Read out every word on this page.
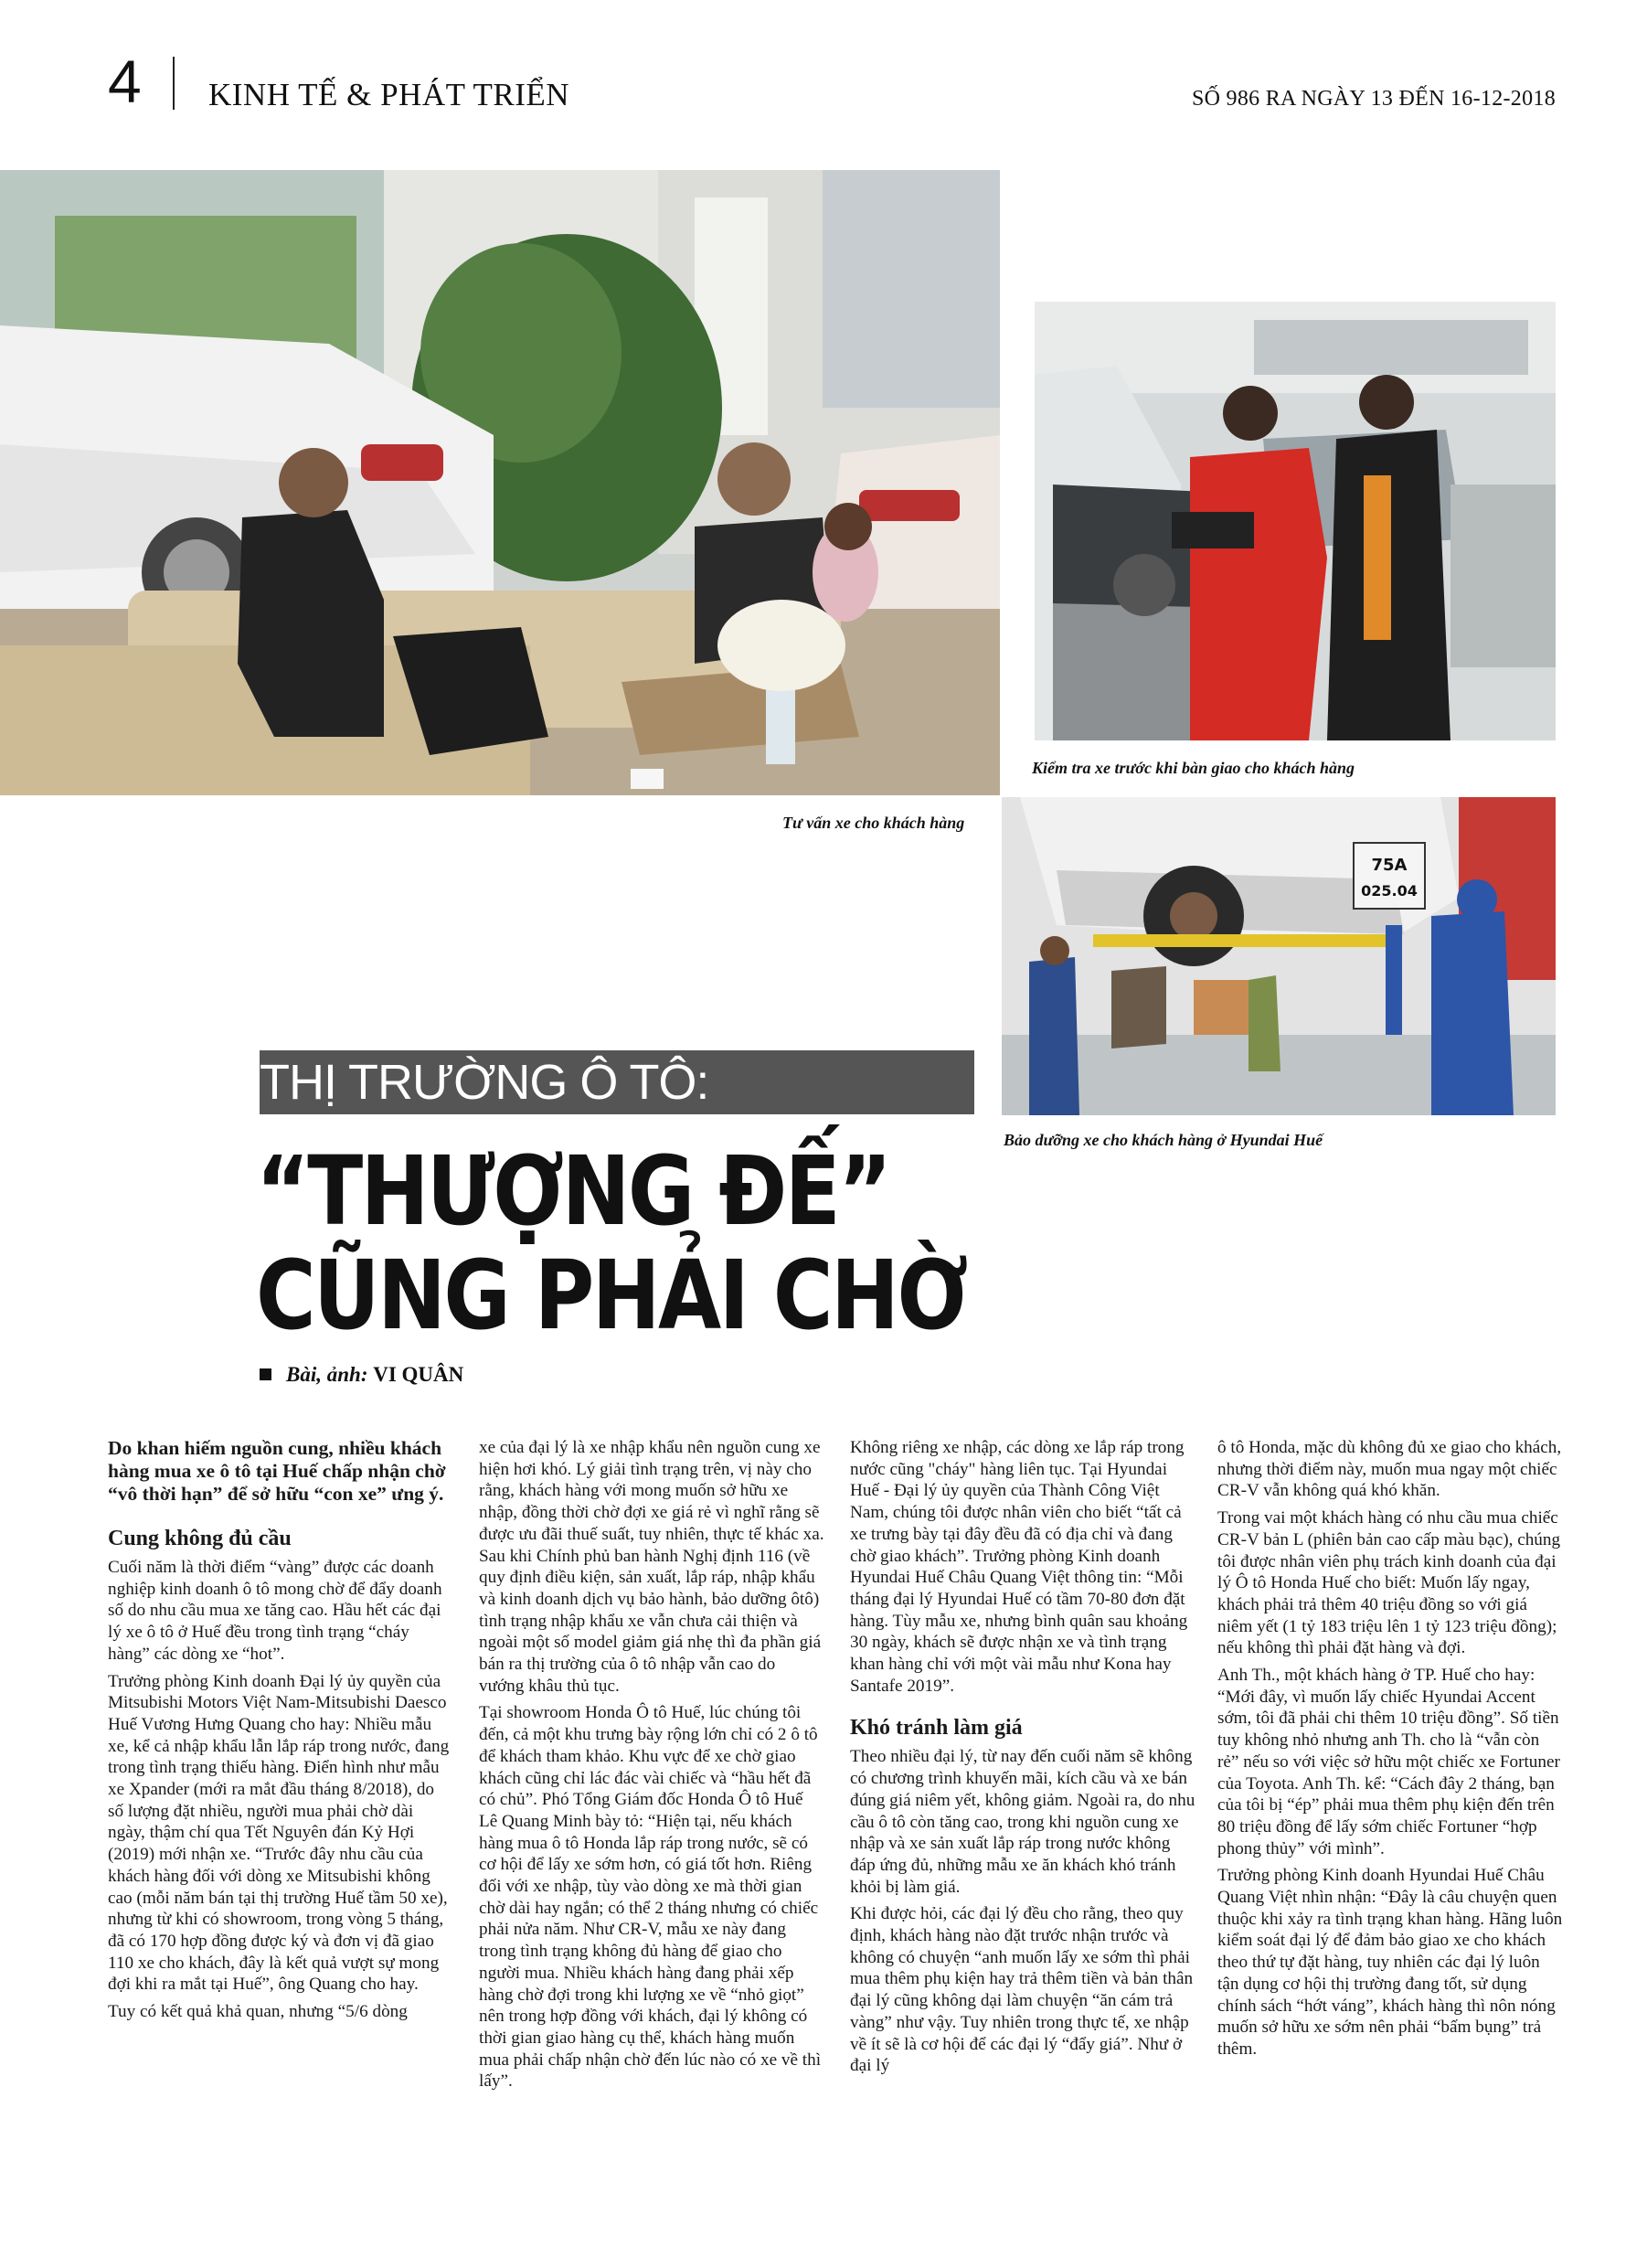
4 KINH TẾ & PHÁT TRIỂN	SỐ 986 RA NGÀY 13 ĐẾN 16-12-2018
Tư vấn xe cho khách hàng
Kiểm tra xe trước khi bàn giao cho khách hàng
75A
025.04
Bảo dưỡng xe cho khách hàng ở Hyundai Huế
THỊ TRƯỜNG Ô TÔ:
“THƯỢNG ĐẾ”
CŨNG PHẢI CHỜ
Bài, ảnh: VI QUÂN

Do khan hiếm nguồn cung, nhiều khách hàng mua xe ô tô tại Huế chấp nhận chờ “vô thời hạn” để sở hữu “con xe” ưng ý.

Cung không đủ cầu

Cuối năm là thời điểm “vàng” được các doanh nghiệp kinh doanh ô tô mong chờ để đẩy doanh số do nhu cầu mua xe tăng cao. Hầu hết các đại lý xe ô tô ở Huế đều trong tình trạng “cháy hàng” các dòng xe “hot”.

Trưởng phòng Kinh doanh Đại lý ủy quyền của Mitsubishi Motors Việt Nam-Mitsubishi Daesco Huế Vương Hưng Quang cho hay: Nhiều mẫu xe, kể cả nhập khẩu lẫn lắp ráp trong nước, đang trong tình trạng thiếu hàng. Điển hình như mẫu xe Xpander (mới ra mắt đầu tháng 8/2018), do số lượng đặt nhiều, người mua phải chờ dài ngày, thậm chí qua Tết Nguyên đán Kỷ Hợi (2019) mới nhận xe. “Trước đây nhu cầu của khách hàng đối với dòng xe Mitsubishi không cao (mỗi năm bán tại thị trường Huế tầm 50 xe), nhưng từ khi có showroom, trong vòng 5 tháng, đã có 170 hợp đồng được ký và đơn vị đã giao 110 xe cho khách, đây là kết quả vượt sự mong đợi khi ra mắt tại Huế”, ông Quang cho hay.

Tuy có kết quả khả quan, nhưng “5/6 dòng

xe của đại lý là xe nhập khẩu nên nguồn cung xe hiện hơi khó. Lý giải tình trạng trên, vị này cho rằng, khách hàng với mong muốn sở hữu xe nhập, đồng thời chờ đợi xe giá rẻ vì nghĩ rằng sẽ được ưu đãi thuế suất, tuy nhiên, thực tế khác xa. Sau khi Chính phủ ban hành Nghị định 116 (về quy định điều kiện, sản xuất, lắp ráp, nhập khẩu và kinh doanh dịch vụ bảo hành, bảo dưỡng ôtô) tình trạng nhập khẩu xe vẫn chưa cải thiện và ngoài một số model giảm giá nhẹ thì đa phần giá bán ra thị trường của ô tô nhập vẫn cao do vướng khâu thủ tục.

Tại showroom Honda Ô tô Huế, lúc chúng tôi đến, cả một khu trưng bày rộng lớn chỉ có 2 ô tô để khách tham khảo. Khu vực để xe chờ giao khách cũng chỉ lác đác vài chiếc và “hầu hết đã có chủ”. Phó Tổng Giám đốc Honda Ô tô Huế Lê Quang Minh bày tỏ: “Hiện tại, nếu khách hàng mua ô tô Honda lắp ráp trong nước, sẽ có cơ hội để lấy xe sớm hơn, có giá tốt hơn. Riêng đối với xe nhập, tùy vào dòng xe mà thời gian chờ dài hay ngắn; có thể 2 tháng nhưng có chiếc phải nửa năm. Như CR-V, mẫu xe này đang trong tình trạng không đủ hàng để giao cho người mua. Nhiều khách hàng đang phải xếp hàng chờ đợi trong khi lượng xe về “nhỏ giọt” nên trong hợp đồng với khách, đại lý không có thời gian giao hàng cụ thể, khách hàng muốn mua phải chấp nhận chờ đến lúc nào có xe về thì lấy”.

Không riêng xe nhập, các dòng xe lắp ráp trong nước cũng "cháy" hàng liên tục. Tại Hyundai Huế - Đại lý ủy quyền của Thành Công Việt Nam, chúng tôi được nhân viên cho biết “tất cả xe trưng bày tại đây đều đã có địa chỉ và đang chờ giao khách”. Trưởng phòng Kinh doanh Hyundai Huế Châu Quang Việt thông tin: “Mỗi tháng đại lý Hyundai Huế có tầm 70-80 đơn đặt hàng. Tùy mẫu xe, nhưng bình quân sau khoảng 30 ngày, khách sẽ được nhận xe và tình trạng khan hàng chỉ với một vài mẫu như Kona hay Santafe 2019”.

Khó tránh làm giá

Theo nhiều đại lý, từ nay đến cuối năm sẽ không có chương trình khuyến mãi, kích cầu và xe bán đúng giá niêm yết, không giảm. Ngoài ra, do nhu cầu ô tô còn tăng cao, trong khi nguồn cung xe nhập và xe sản xuất lắp ráp trong nước không đáp ứng đủ, những mẫu xe ăn khách khó tránh khỏi bị làm giá.

Khi được hỏi, các đại lý đều cho rằng, theo quy định, khách hàng nào đặt trước nhận trước và không có chuyện “anh muốn lấy xe sớm thì phải mua thêm phụ kiện hay trả thêm tiền và bản thân đại lý cũng không dại làm chuyện “ăn cám trả vàng” như vậy. Tuy nhiên trong thực tế, xe nhập về ít sẽ là cơ hội để các đại lý “đẩy giá”. Như ở đại lý

ô tô Honda, mặc dù không đủ xe giao cho khách, nhưng thời điểm này, muốn mua ngay một chiếc CR-V vẫn không quá khó khăn.

Trong vai một khách hàng có nhu cầu mua chiếc CR-V bản L (phiên bản cao cấp màu bạc), chúng tôi được nhân viên phụ trách kinh doanh của đại lý Ô tô Honda Huế cho biết: Muốn lấy ngay, khách phải trả thêm 40 triệu đồng so với giá niêm yết (1 tỷ 183 triệu lên 1 tỷ 123 triệu đồng); nếu không thì phải đặt hàng và đợi.

Anh Th., một khách hàng ở TP. Huế cho hay: “Mới đây, vì muốn lấy chiếc Hyundai Accent sớm, tôi đã phải chi thêm 10 triệu đồng”. Số tiền tuy không nhỏ nhưng anh Th. cho là “vẫn còn rẻ” nếu so với việc sở hữu một chiếc xe Fortuner của Toyota. Anh Th. kể: “Cách đây 2 tháng, bạn của tôi bị “ép” phải mua thêm phụ kiện đến trên 80 triệu đồng để lấy sớm chiếc Fortuner “hợp phong thủy” với mình”.

Trưởng phòng Kinh doanh Hyundai Huế Châu Quang Việt nhìn nhận: “Đây là câu chuyện quen thuộc khi xảy ra tình trạng khan hàng. Hãng luôn kiểm soát đại lý để đảm bảo giao xe cho khách theo thứ tự đặt hàng, tuy nhiên các đại lý luôn tận dụng cơ hội thị trường đang tốt, sử dụng chính sách “hớt váng”, khách hàng thì nôn nóng muốn sở hữu xe sớm nên phải “bấm bụng” trả thêm.
